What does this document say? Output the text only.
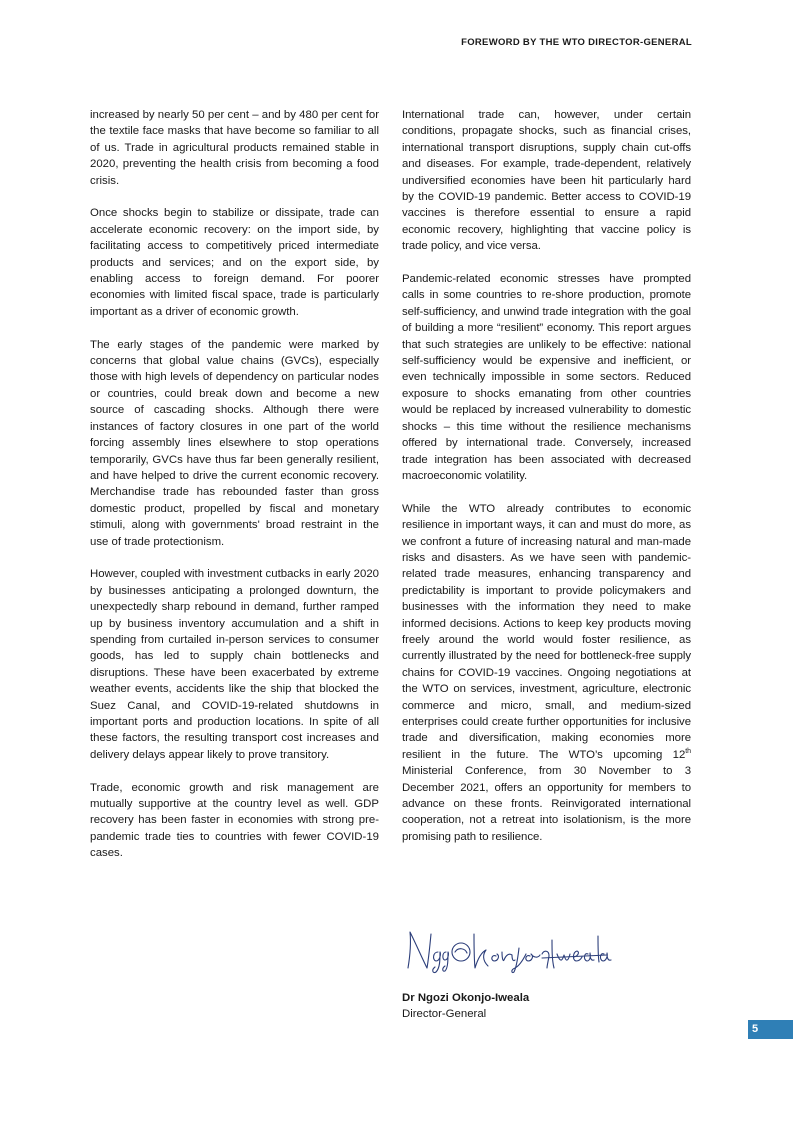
FOREWORD BY THE WTO DIRECTOR-GENERAL

increased by nearly 50 per cent – and by 480 per cent for the textile face masks that have become so familiar to all of us. Trade in agricultural products remained stable in 2020, preventing the health crisis from becoming a food crisis.

Once shocks begin to stabilize or dissipate, trade can accelerate economic recovery: on the import side, by facilitating access to competitively priced intermediate products and services; and on the export side, by enabling access to foreign demand. For poorer economies with limited fiscal space, trade is particularly important as a driver of economic growth.

The early stages of the pandemic were marked by concerns that global value chains (GVCs), especially those with high levels of dependency on particular nodes or countries, could break down and become a new source of cascading shocks. Although there were instances of factory closures in one part of the world forcing assembly lines elsewhere to stop operations temporarily, GVCs have thus far been generally resilient, and have helped to drive the current economic recovery. Merchandise trade has rebounded faster than gross domestic product, propelled by fiscal and monetary stimuli, along with governments' broad restraint in the use of trade protectionism.

However, coupled with investment cutbacks in early 2020 by businesses anticipating a prolonged downturn, the unexpectedly sharp rebound in demand, further ramped up by business inventory accumulation and a shift in spending from curtailed in-person services to consumer goods, has led to supply chain bottlenecks and disruptions. These have been exacerbated by extreme weather events, accidents like the ship that blocked the Suez Canal, and COVID-19-related shutdowns in important ports and production locations. In spite of all these factors, the resulting transport cost increases and delivery delays appear likely to prove transitory.

Trade, economic growth and risk management are mutually supportive at the country level as well. GDP recovery has been faster in economies with strong pre-pandemic trade ties to countries with fewer COVID-19 cases.

International trade can, however, under certain conditions, propagate shocks, such as financial crises, international transport disruptions, supply chain cut-offs and diseases. For example, trade-dependent, relatively undiversified economies have been hit particularly hard by the COVID-19 pandemic. Better access to COVID-19 vaccines is therefore essential to ensure a rapid economic recovery, highlighting that vaccine policy is trade policy, and vice versa.

Pandemic-related economic stresses have prompted calls in some countries to re-shore production, promote self-sufficiency, and unwind trade integration with the goal of building a more “resilient” economy. This report argues that such strategies are unlikely to be effective: national self-sufficiency would be expensive and inefficient, or even technically impossible in some sectors. Reduced exposure to shocks emanating from other countries would be replaced by increased vulnerability to domestic shocks – this time without the resilience mechanisms offered by international trade. Conversely, increased trade integration has been associated with decreased macroeconomic volatility.

While the WTO already contributes to economic resilience in important ways, it can and must do more, as we confront a future of increasing natural and man-made risks and disasters. As we have seen with pandemic-related trade measures, enhancing transparency and predictability is important to provide policymakers and businesses with the information they need to make informed decisions. Actions to keep key products moving freely around the world would foster resilience, as currently illustrated by the need for bottleneck-free supply chains for COVID-19 vaccines. Ongoing negotiations at the WTO on services, investment, agriculture, electronic commerce and micro, small, and medium-sized enterprises could create further opportunities for inclusive trade and diversification, making economies more resilient in the future. The WTO’s upcoming 12th Ministerial Conference, from 30 November to 3 December 2021, offers an opportunity for members to advance on these fronts. Reinvigorated international cooperation, not a retreat into isolationism, is the more promising path to resilience.

Dr Ngozi Okonjo-Iweala
Director-General
5
